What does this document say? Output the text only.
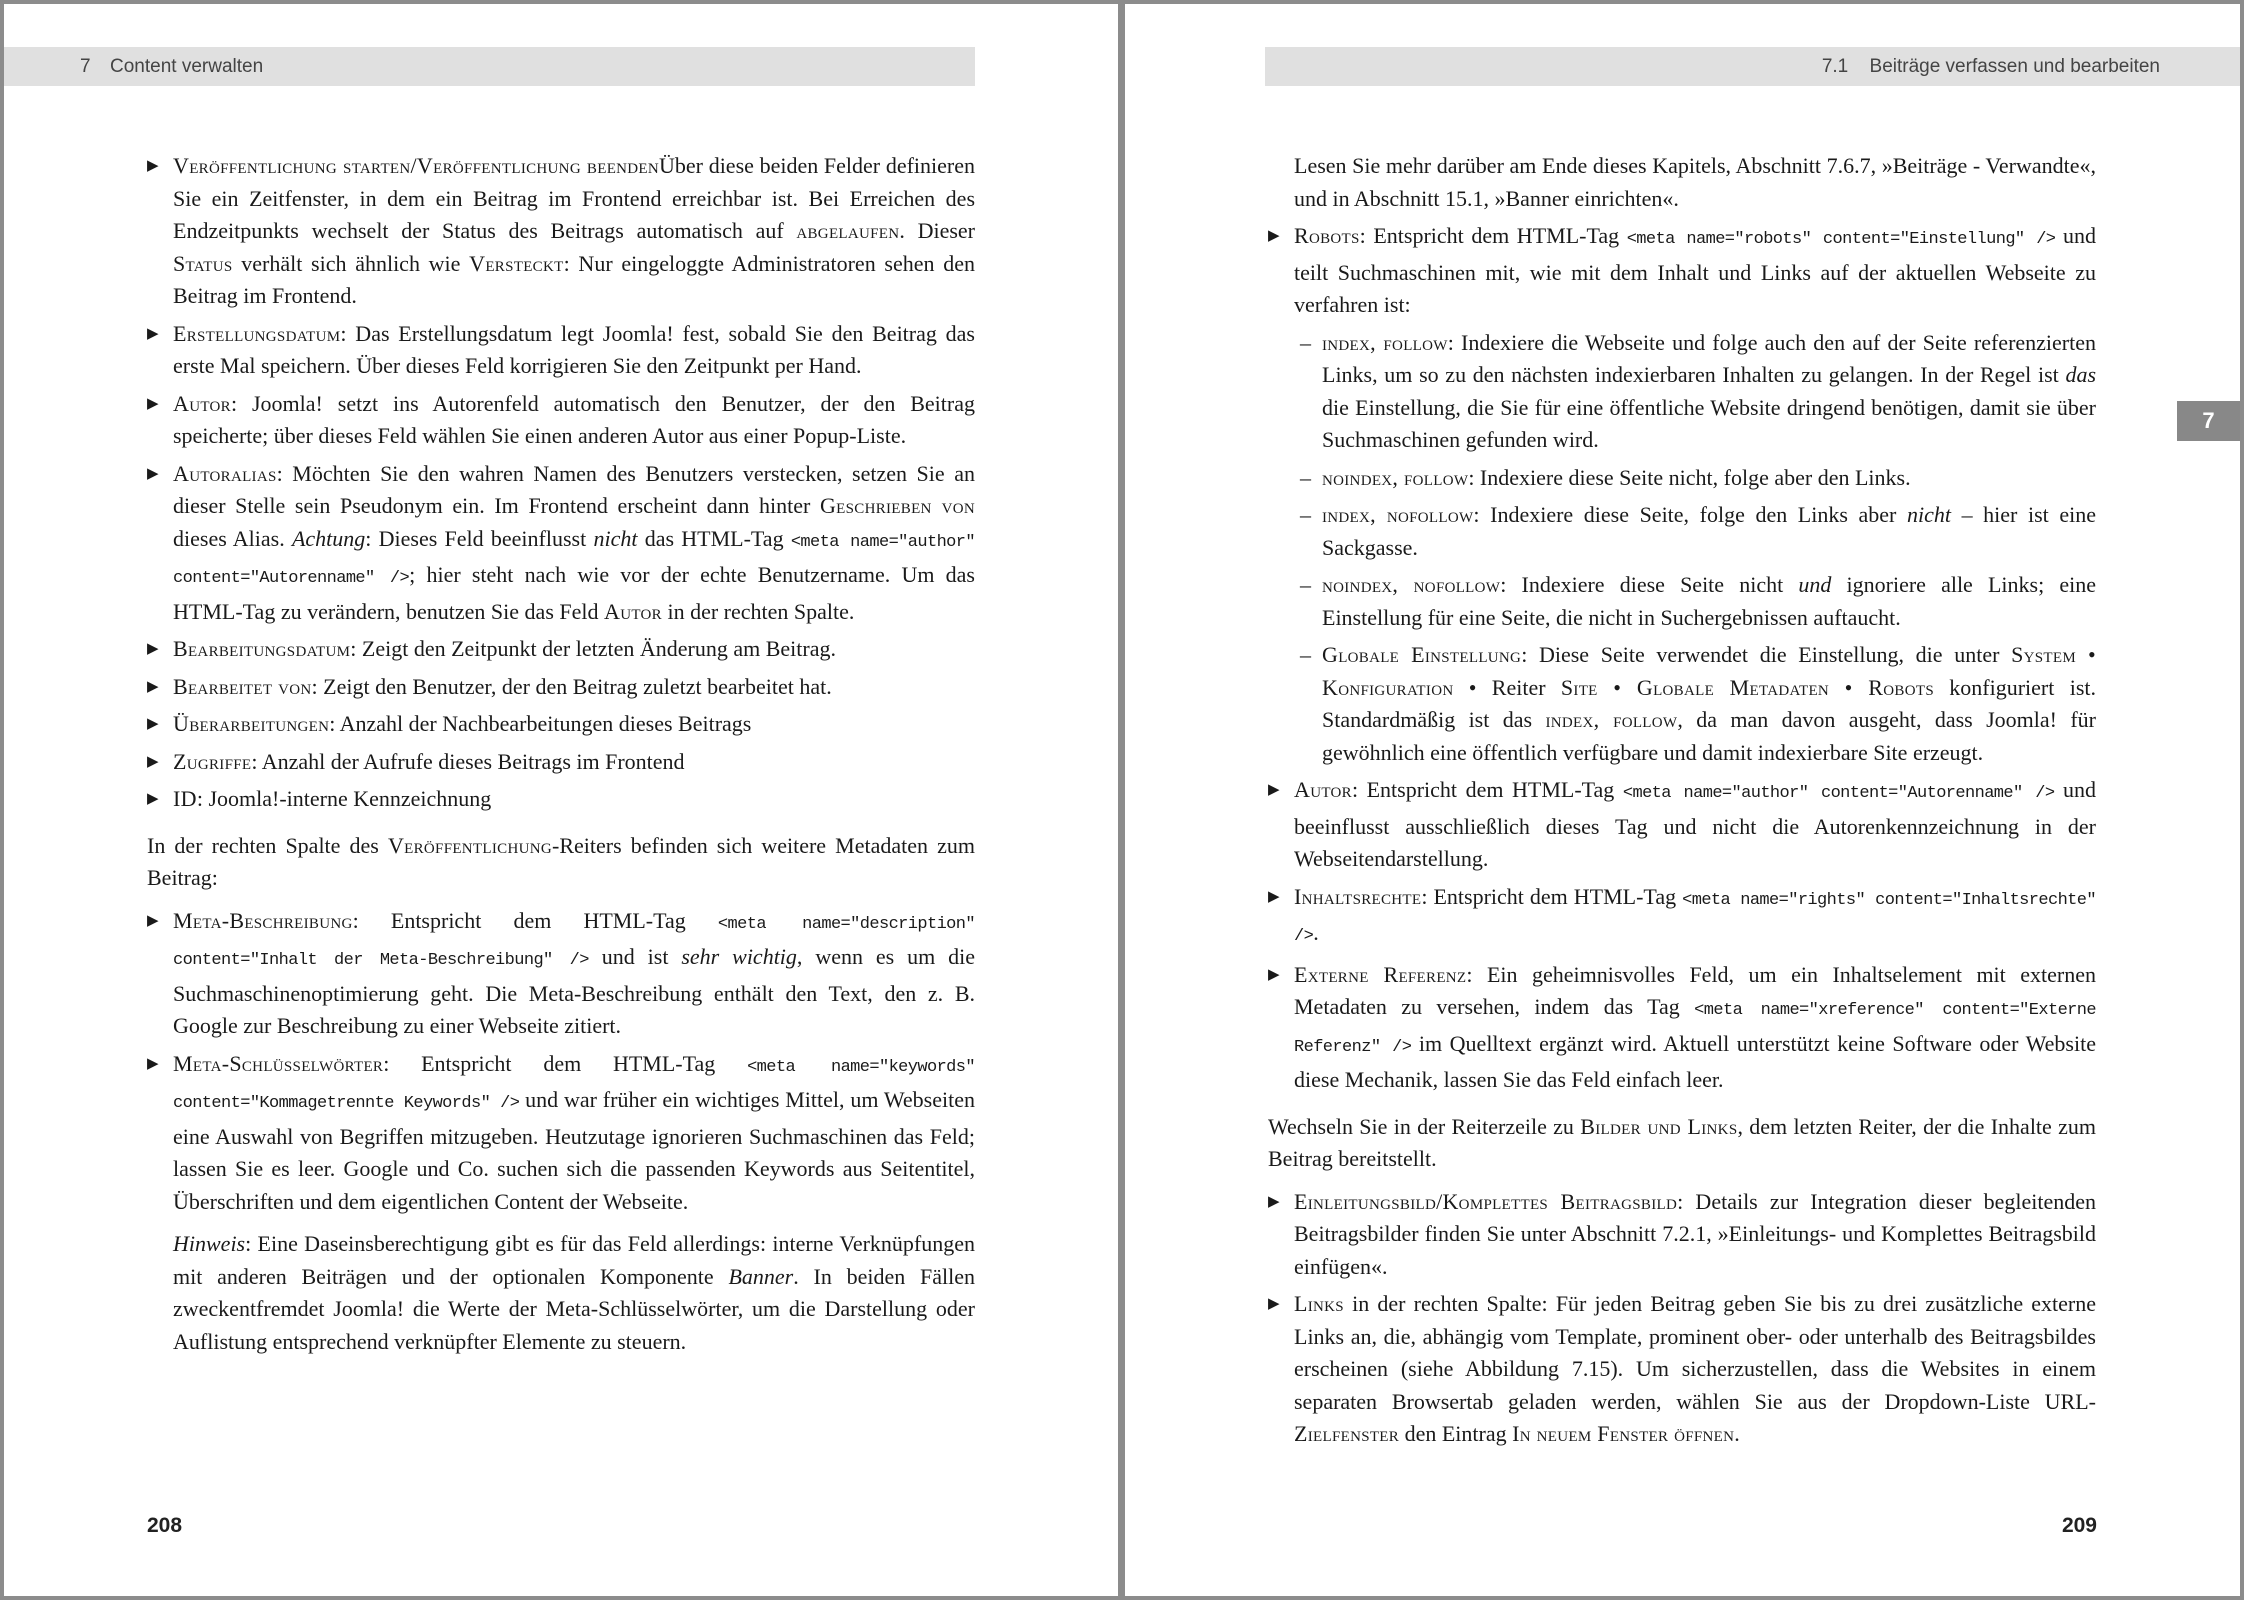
7 Content verwalten	7.1 Beiträge verfassen und bearbeiten
7
▶ Veröffentlichung starten/Veröffentlichung beendenÜber diese beiden Felder definieren Sie ein Zeitfenster, in dem ein Beitrag im Frontend erreichbar ist. Bei Erreichen des Endzeitpunkts wechselt der Status des Beitrags automatisch auf abgelaufen. Dieser Status verhält sich ähnlich wie Versteckt: Nur eingeloggte Administratoren sehen den Beitrag im Frontend.
▶ Erstellungsdatum: Das Erstellungsdatum legt Joomla! fest, sobald Sie den Beitrag das erste Mal speichern. Über dieses Feld korrigieren Sie den Zeitpunkt per Hand.
▶ Autor: Joomla! setzt ins Autorenfeld automatisch den Benutzer, der den Beitrag speicherte; über dieses Feld wählen Sie einen anderen Autor aus einer Popup-Liste.
▶ Autoralias: Möchten Sie den wahren Namen des Benutzers verstecken, setzen Sie an dieser Stelle sein Pseudonym ein. Im Frontend erscheint dann hinter Geschrieben von dieses Alias. Achtung: Dieses Feld beeinflusst nicht das HTML-Tag <meta name="author" content="Autorenname" />; hier steht nach wie vor der echte Benutzername. Um das HTML-Tag zu verändern, benutzen Sie das Feld Autor in der rechten Spalte.
▶ Bearbeitungsdatum: Zeigt den Zeitpunkt der letzten Änderung am Beitrag.
▶ Bearbeitet von: Zeigt den Benutzer, der den Beitrag zuletzt bearbeitet hat.
▶ Überarbeitungen: Anzahl der Nachbearbeitungen dieses Beitrags
▶ Zugriffe: Anzahl der Aufrufe dieses Beitrags im Frontend
▶ ID: Joomla!-interne Kennzeichnung
In der rechten Spalte des Veröffentlichung-Reiters befinden sich weitere Metadaten zum Beitrag:
▶ Meta-Beschreibung: Entspricht dem HTML-Tag <meta name="description" content="Inhalt der Meta-Beschreibung" /> und ist sehr wichtig, wenn es um die Suchmaschinenoptimierung geht. Die Meta-Beschreibung enthält den Text, den z. B. Google zur Beschreibung zu einer Webseite zitiert.
▶ Meta-Schlüsselwörter: Entspricht dem HTML-Tag <meta name="keywords" content="Kommagetrennte Keywords" /> und war früher ein wichtiges Mittel, um Webseiten eine Auswahl von Begriffen mitzugeben. Heutzutage ignorieren Suchmaschinen das Feld; lassen Sie es leer. Google und Co. suchen sich die passenden Keywords aus Seitentitel, Überschriften und dem eigentlichen Content der Webseite.
Hinweis: Eine Daseinsberechtigung gibt es für das Feld allerdings: interne Verknüpfungen mit anderen Beiträgen und der optionalen Komponente Banner. In beiden Fällen zweckentfremdet Joomla! die Werte der Meta-Schlüsselwörter, um die Darstellung oder Auflistung entsprechend verknüpfter Elemente zu steuern.
Lesen Sie mehr darüber am Ende dieses Kapitels, Abschnitt 7.6.7, »Beiträge - Verwandte«, und in Abschnitt 15.1, »Banner einrichten«.
▶ Robots: Entspricht dem HTML-Tag <meta name="robots" content="Einstellung" /> und teilt Suchmaschinen mit, wie mit dem Inhalt und Links auf der aktuellen Webseite zu verfahren ist:
– index, follow: Indexiere die Webseite und folge auch den auf der Seite referenzierten Links, um so zu den nächsten indexierbaren Inhalten zu gelangen. In der Regel ist das die Einstellung, die Sie für eine öffentliche Website dringend benötigen, damit sie über Suchmaschinen gefunden wird.
– noindex, follow: Indexiere diese Seite nicht, folge aber den Links.
– index, nofollow: Indexiere diese Seite, folge den Links aber nicht – hier ist eine Sackgasse.
– noindex, nofollow: Indexiere diese Seite nicht und ignoriere alle Links; eine Einstellung für eine Seite, die nicht in Suchergebnissen auftaucht.
– Globale Einstellung: Diese Seite verwendet die Einstellung, die unter System • Konfiguration • Reiter Site • Globale Metadaten • Robots konfiguriert ist. Standardmäßig ist das index, follow, da man davon ausgeht, dass Joomla! für gewöhnlich eine öffentlich verfügbare und damit indexierbare Site erzeugt.
▶ Autor: Entspricht dem HTML-Tag <meta name="author" content="Autorenname" /> und beeinflusst ausschließlich dieses Tag und nicht die Autorenkennzeichnung in der Webseitendarstellung.
▶ Inhaltsrechte: Entspricht dem HTML-Tag <meta name="rights" content="Inhaltsrechte" />.
▶ Externe Referenz: Ein geheimnisvolles Feld, um ein Inhaltselement mit externen Metadaten zu versehen, indem das Tag <meta name="xreference" content="Externe Referenz" /> im Quelltext ergänzt wird. Aktuell unterstützt keine Software oder Website diese Mechanik, lassen Sie das Feld einfach leer.
Wechseln Sie in der Reiterzeile zu Bilder und Links, dem letzten Reiter, der die Inhalte zum Beitrag bereitstellt.
▶ Einleitungsbild/Komplettes Beitragsbild: Details zur Integration dieser begleitenden Beitragsbilder finden Sie unter Abschnitt 7.2.1, »Einleitungs- und Komplettes Beitragsbild einfügen«.
▶ Links in der rechten Spalte: Für jeden Beitrag geben Sie bis zu drei zusätzliche externe Links an, die, abhängig vom Template, prominent ober- oder unterhalb des Beitragsbildes erscheinen (siehe Abbildung 7.15). Um sicherzustellen, dass die Websites in einem separaten Browsertab geladen werden, wählen Sie aus der Dropdown-Liste URL-Zielfenster den Eintrag In neuem Fenster öffnen.
208	209
